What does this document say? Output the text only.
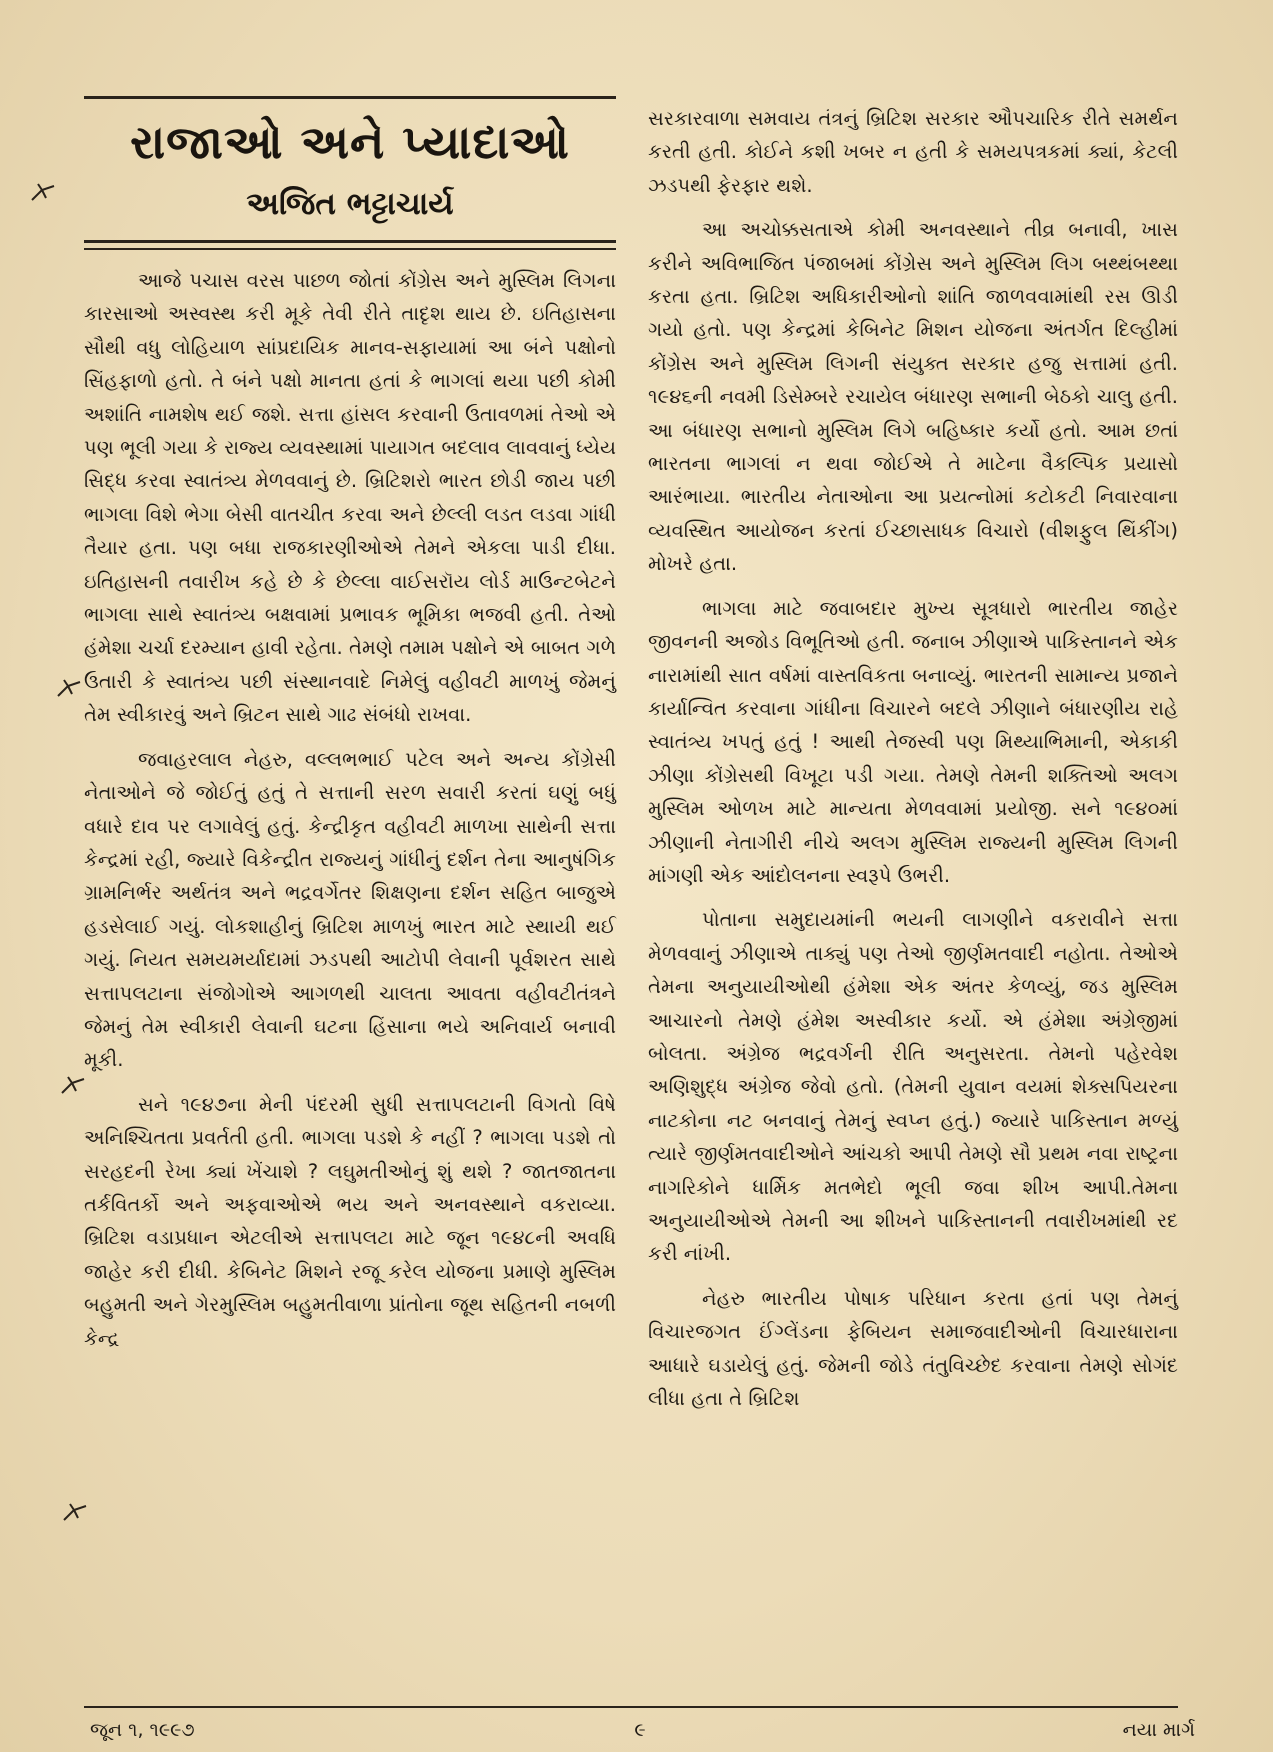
રાજાઓ અને પ્યાદાઓ
અજિત ભટ્ટાચાર્ય

આજે પચાસ વરસ પાછળ જોતાં કોંગ્રેસ અને મુસ્લિમ લિગના કારસાઓ અસ્વસ્થ કરી મૂકે તેવી રીતે તાદૃશ થાય છે. ઇતિહાસના સૌથી વધુ લોહિયાળ સાંપ્રદાયિક માનવ-સફાયામાં આ બંને પક્ષોનો સિંહફાળો હતો. તે બંને પક્ષો માનતા હતાં કે ભાગલાં થયા પછી કોમી અશાંતિ નામશેષ થઈ જશે. સત્તા હાંસલ કરવાની ઉતાવળમાં તેઓ એ પણ ભૂલી ગયા કે રાજ્ય વ્યવસ્થામાં પાયાગત બદલાવ લાવવાનું ધ્યેય સિદ્ધ કરવા સ્વાતંત્ર્ય મેળવવાનું છે. બ્રિટિશરો ભારત છોડી જાય પછી ભાગલા વિશે ભેગા બેસી વાતચીત કરવા અને છેલ્લી લડત લડવા ગાંધી તૈયાર હતા. પણ બધા રાજકારણીઓએ તેમને એકલા પાડી દીધા. ઇતિહાસની તવારીખ કહે છે કે છેલ્લા વાઈસરૉય લોર્ડ માઉન્ટબેટને ભાગલા સાથે સ્વાતંત્ર્ય બક્ષવામાં પ્રભાવક ભૂમિકા ભજવી હતી. તેઓ હંમેશા ચર્ચા દરમ્યાન હાવી રહેતા. તેમણે તમામ પક્ષોને એ બાબત ગળે ઉતારી કે સ્વાતંત્ર્ય પછી સંસ્થાનવાદે નિમેલું વહીવટી માળખું જેમનું તેમ સ્વીકારવું અને બ્રિટન સાથે ગાઢ સંબંધો રાખવા.

જવાહરલાલ નેહરુ, વલ્લભભાઈ પટેલ અને અન્ય કોંગ્રેસી નેતાઓને જે જોઈતું હતું તે સત્તાની સરળ સવારી કરતાં ઘણું બધું વધારે દાવ પર લગાવેલું હતું. કેન્દ્રીકૃત વહીવટી માળખા સાથેની સત્તા કેન્દ્રમાં રહી, જ્યારે વિકેન્દ્રીત રાજ્યનું ગાંધીનું દર્શન તેના આનુષંગિક ગ્રામનિર્ભર અર્થતંત્ર અને ભદ્રવર્ગેતર શિક્ષણના દર્શન સહિત બાજુએ હડસેલાઈ ગયું. લોકશાહીનું બ્રિટિશ માળખું ભારત માટે સ્થાયી થઈ ગયું. નિયત સમયમર્યાદામાં ઝડપથી આટોપી લેવાની પૂર્વશરત સાથે સત્તાપલટાના સંજોગોએ આગળથી ચાલતા આવતા વહીવટીતંત્રને જેમનું તેમ સ્વીકારી લેવાની ઘટના હિંસાના ભયે અનિવાર્ય બનાવી મૂકી.

સને ૧૯૪૭ના મેની પંદરમી સુધી સત્તાપલટાની વિગતો વિષે અનિશ્ચિતતા પ્રવર્તતી હતી. ભાગલા પડશે કે નહીં ? ભાગલા પડશે તો સરહદની રેખા ક્યાં ખેંચાશે ? લઘુમતીઓનું શું થશે ? જાતજાતના તર્કવિતર્કો અને અફવાઓએ ભય અને અનવસ્થાને વકરાવ્યા. બ્રિટિશ વડાપ્રધાન એટલીએ સત્તાપલટા માટે જૂન ૧૯૪૮ની અવધિ જાહેર કરી દીધી. કેબિનેટ મિશને રજૂ કરેલ યોજના પ્રમાણે મુસ્લિમ બહુમતી અને ગેરમુસ્લિમ બહુમતીવાળા પ્રાંતોના જૂથ સહિતની નબળી કેન્દ્ર

સરકારવાળા સમવાય તંત્રનું બ્રિટિશ સરકાર ઔપચારિક રીતે સમર્થન કરતી હતી. કોઈને કશી ખબર ન હતી કે સમયપત્રકમાં ક્યાં, કેટલી ઝડપથી ફેરફાર થશે.

આ અચોક્કસતાએ કોમી અનવસ્થાને તીવ્ર બનાવી, ખાસ કરીને અવિભાજિત પંજાબમાં કોંગ્રેસ અને મુસ્લિમ લિગ બથ્થંબથ્થા કરતા હતા. બ્રિટિશ અધિકારીઓનો શાંતિ જાળવવામાંથી રસ ઊડી ગયો હતો. પણ કેન્દ્રમાં કેબિનેટ મિશન યોજના અંતર્ગત દિલ્હીમાં કોંગ્રેસ અને મુસ્લિમ લિગની સંયુક્ત સરકાર હજુ સત્તામાં હતી. ૧૯૪૬ની નવમી ડિસેમ્બરે રચાયેલ બંધારણ સભાની બેઠકો ચાલુ હતી. આ બંધારણ સભાનો મુસ્લિમ લિગે બહિષ્કાર કર્યો હતો. આમ છતાં ભારતના ભાગલાં ન થવા જોઈએ તે માટેના વૈકલ્પિક પ્રયાસો આરંભાયા. ભારતીય નેતાઓના આ પ્રયત્નોમાં કટોકટી નિવારવાના વ્યવસ્થિત આયોજન કરતાં ઈચ્છાસાધક વિચારો (વીશફુલ થિંકીંગ) મોખરે હતા.

ભાગલા માટે જવાબદાર મુખ્ય સૂત્રધારો ભારતીય જાહેર જીવનની અજોડ વિભૂતિઓ હતી. જનાબ ઝીણાએ પાકિસ્તાનને એક નારામાંથી સાત વર્ષમાં વાસ્તવિકતા બનાવ્યું. ભારતની સામાન્ય પ્રજાને કાર્યાન્વિત કરવાના ગાંધીના વિચારને બદલે ઝીણાને બંધારણીય રાહે સ્વાતંત્ર્ય ખપતું હતું ! આથી તેજસ્વી પણ મિથ્યાભિમાની, એકાકી ઝીણા કોંગ્રેસથી વિખૂટા પડી ગયા. તેમણે તેમની શક્તિઓ અલગ મુસ્લિમ ઓળખ માટે માન્યતા મેળવવામાં પ્રયોજી. સને ૧૯૪૦માં ઝીણાની નેતાગીરી નીચે અલગ મુસ્લિમ રાજ્યની મુસ્લિમ લિગની માંગણી એક આંદોલનના સ્વરૂપે ઉભરી.

પોતાના સમુદાયમાંની ભયની લાગણીને વકરાવીને સત્તા મેળવવાનું ઝીણાએ તાક્યું પણ તેઓ જીર્ણમતવાદી નહોતા. તેઓએ તેમના અનુયાયીઓથી હંમેશા એક અંતર કેળવ્યું, જડ મુસ્લિમ આચારનો તેમણે હંમેશ અસ્વીકાર કર્યો. એ હંમેશા અંગ્રેજીમાં બોલતા. અંગ્રેજ ભદ્રવર્ગની રીતિ અનુસરતા. તેમનો પહેરવેશ અણિશુદ્ધ અંગ્રેજ જેવો હતો. (તેમની યુવાન વયમાં શેક્સપિયરના નાટકોના નટ બનવાનું તેમનું સ્વપ્ન હતું.) જ્યારે પાકિસ્તાન મળ્યું ત્યારે જીર્ણમતવાદીઓને આંચકો આપી તેમણે સૌ પ્રથમ નવા રાષ્ટ્રના નાગરિકોને ધાર્મિક મતભેદો ભૂલી જવા શીખ આપી.તેમના અનુયાયીઓએ તેમની આ શીખને પાકિસ્તાનની તવારીખમાંથી રદ કરી નાંખી.

નેહરુ ભારતીય પોષાક પરિધાન કરતા હતાં પણ તેમનું વિચારજગત ઈંગ્લેંડના ફેબિયન સમાજવાદીઓની વિચારધારાના આધારે ઘડાયેલું હતું. જેમની જોડે તંતુવિચ્છેદ કરવાના તેમણે સોગંદ લીધા હતા તે બ્રિટિશ

જૂન ૧, ૧૯૯૭	૯	નયા માર્ગ
